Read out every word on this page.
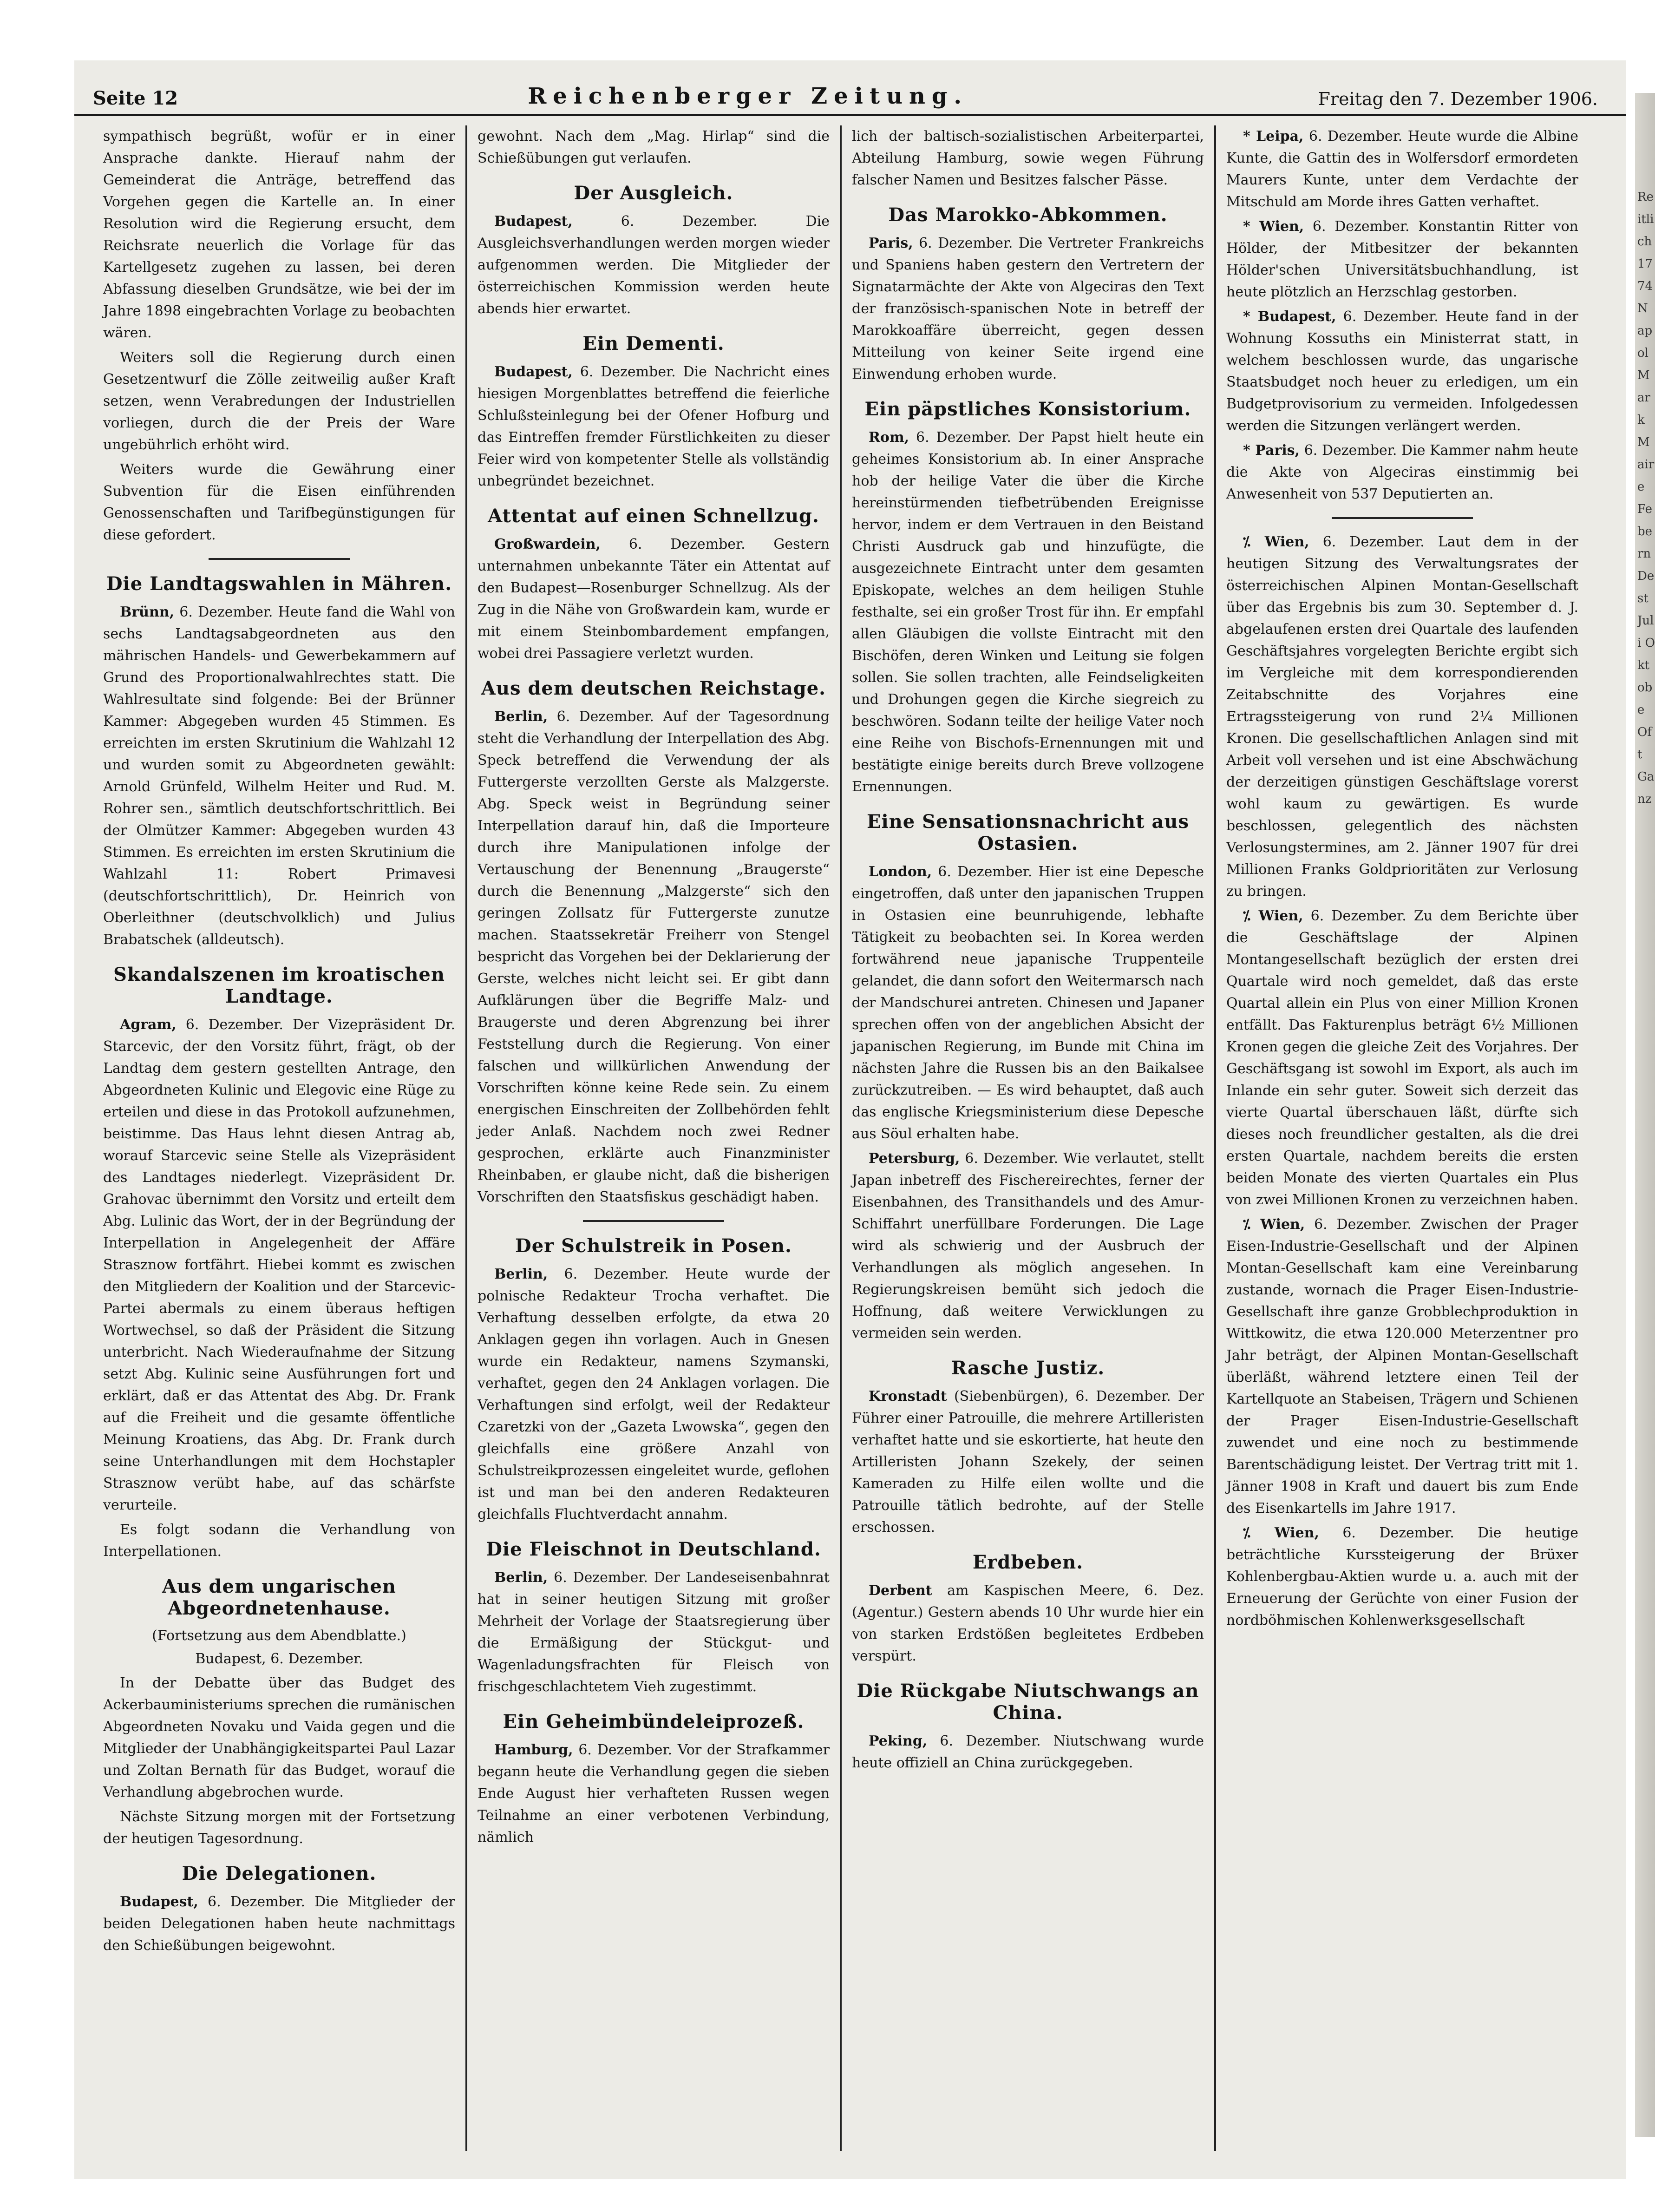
Seite 12	Reichenberger Zeitung.	Freitag den 7. Dezember 1906.

sympathisch begrüßt, wofür er in einer Ansprache dankte. Hierauf nahm der Gemeinderat die Anträge, betreffend das Vorgehen gegen die Kartelle an. In einer Resolution wird die Regierung ersucht, dem Reichsrate neuerlich die Vorlage für das Kartellgesetz zugehen zu lassen, bei deren Abfassung dieselben Grundsätze, wie bei der im Jahre 1898 eingebrachten Vorlage zu beobachten wären.

Weiters soll die Regierung durch einen Gesetzentwurf die Zölle zeitweilig außer Kraft setzen, wenn Verabredungen der Industriellen vorliegen, durch die der Preis der Ware ungebührlich erhöht wird.

Weiters wurde die Gewährung einer Subvention für die Eisen einführenden Genossenschaften und Tarifbegünstigungen für diese gefordert.

Die Landtagswahlen in Mähren.

Brünn, 6. Dezember. Heute fand die Wahl von sechs Landtagsabgeordneten aus den mährischen Handels- und Gewerbekammern auf Grund des Proportionalwahlrechtes statt. Die Wahlresultate sind folgende: Bei der Brünner Kammer: Abgegeben wurden 45 Stimmen. Es erreichten im ersten Skrutinium die Wahlzahl 12 und wurden somit zu Abgeordneten gewählt: Arnold Grünfeld, Wilhelm Heiter und Rud. M. Rohrer sen., sämtlich deutschfortschrittlich. Bei der Olmützer Kammer: Abgegeben wurden 43 Stimmen. Es erreichten im ersten Skrutinium die Wahlzahl 11: Robert Primavesi (deutschfortschrittlich), Dr. Heinrich von Oberleithner (deutschvolklich) und Julius Brabatschek (alldeutsch).

Skandalszenen im kroatischen Landtage.

Agram, 6. Dezember. Der Vizepräsident Dr. Starcevic, der den Vorsitz führt, frägt, ob der Landtag dem gestern gestellten Antrage, den Abgeordneten Kulinic und Elegovic eine Rüge zu erteilen und diese in das Protokoll aufzunehmen, beistimme. Das Haus lehnt diesen Antrag ab, worauf Starcevic seine Stelle als Vizepräsident des Landtages niederlegt. Vizepräsident Dr. Grahovac übernimmt den Vorsitz und erteilt dem Abg. Lulinic das Wort, der in der Begründung der Interpellation in Angelegenheit der Affäre Strasznow fortfährt. Hiebei kommt es zwischen den Mitgliedern der Koalition und der Starcevic-Partei abermals zu einem überaus heftigen Wortwechsel, so daß der Präsident die Sitzung unterbricht. Nach Wiederaufnahme der Sitzung setzt Abg. Kulinic seine Ausführungen fort und erklärt, daß er das Attentat des Abg. Dr. Frank auf die Freiheit und die gesamte öffentliche Meinung Kroatiens, das Abg. Dr. Frank durch seine Unterhandlungen mit dem Hochstapler Strasznow verübt habe, auf das schärfste verurteile.

Es folgt sodann die Verhandlung von Interpellationen.

Aus dem ungarischen Abgeordnetenhause.
(Fortsetzung aus dem Abendblatte.)
Budapest, 6. Dezember.

In der Debatte über das Budget des Ackerbauministeriums sprechen die rumänischen Abgeordneten Novaku und Vaida gegen und die Mitglieder der Unabhängigkeitspartei Paul Lazar und Zoltan Bernath für das Budget, worauf die Verhandlung abgebrochen wurde.

Nächste Sitzung morgen mit der Fortsetzung der heutigen Tagesordnung.

Die Delegationen.

Budapest, 6. Dezember. Die Mitglieder der beiden Delegationen haben heute nachmittags den Schießübungen beigewohnt.

gewohnt. Nach dem „Mag. Hirlap“ sind die Schießübungen gut verlaufen.

Der Ausgleich.

Budapest, 6. Dezember. Die Ausgleichsverhandlungen werden morgen wieder aufgenommen werden. Die Mitglieder der österreichischen Kommission werden heute abends hier erwartet.

Ein Dementi.

Budapest, 6. Dezember. Die Nachricht eines hiesigen Morgenblattes betreffend die feierliche Schlußsteinlegung bei der Ofener Hofburg und das Eintreffen fremder Fürstlichkeiten zu dieser Feier wird von kompetenter Stelle als vollständig unbegründet bezeichnet.

Attentat auf einen Schnellzug.

Großwardein, 6. Dezember. Gestern unternahmen unbekannte Täter ein Attentat auf den Budapest—Rosenburger Schnellzug. Als der Zug in die Nähe von Großwardein kam, wurde er mit einem Steinbombardement empfangen, wobei drei Passagiere verletzt wurden.

Aus dem deutschen Reichstage.

Berlin, 6. Dezember. Auf der Tagesordnung steht die Verhandlung der Interpellation des Abg. Speck betreffend die Verwendung der als Futtergerste verzollten Gerste als Malzgerste. Abg. Speck weist in Begründung seiner Interpellation darauf hin, daß die Importeure durch ihre Manipulationen infolge der Vertauschung der Benennung „Braugerste“ durch die Benennung „Malzgerste“ sich den geringen Zollsatz für Futtergerste zunutze machen. Staatssekretär Freiherr von Stengel bespricht das Vorgehen bei der Deklarierung der Gerste, welches nicht leicht sei. Er gibt dann Aufklärungen über die Begriffe Malz- und Braugerste und deren Abgrenzung bei ihrer Feststellung durch die Regierung. Von einer falschen und willkürlichen Anwendung der Vorschriften könne keine Rede sein. Zu einem energischen Einschreiten der Zollbehörden fehlt jeder Anlaß. Nachdem noch zwei Redner gesprochen, erklärte auch Finanzminister Rheinbaben, er glaube nicht, daß die bisherigen Vorschriften den Staatsfiskus geschädigt haben.

Der Schulstreik in Posen.

Berlin, 6. Dezember. Heute wurde der polnische Redakteur Trocha verhaftet. Die Verhaftung desselben erfolgte, da etwa 20 Anklagen gegen ihn vorlagen. Auch in Gnesen wurde ein Redakteur, namens Szymanski, verhaftet, gegen den 24 Anklagen vorlagen. Die Verhaftungen sind erfolgt, weil der Redakteur Czaretzki von der „Gazeta Lwowska“, gegen den gleichfalls eine größere Anzahl von Schulstreikprozessen eingeleitet wurde, geflohen ist und man bei den anderen Redakteuren gleichfalls Fluchtverdacht annahm.

Die Fleischnot in Deutschland.

Berlin, 6. Dezember. Der Landeseisenbahnrat hat in seiner heutigen Sitzung mit großer Mehrheit der Vorlage der Staatsregierung über die Ermäßigung der Stückgut- und Wagenladungsfrachten für Fleisch von frischgeschlachtetem Vieh zugestimmt.

Ein Geheimbündeleiprozeß.

Hamburg, 6. Dezember. Vor der Strafkammer begann heute die Verhandlung gegen die sieben Ende August hier verhafteten Russen wegen Teilnahme an einer verbotenen Verbindung, nämlich

lich der baltisch-sozialistischen Arbeiterpartei, Abteilung Hamburg, sowie wegen Führung falscher Namen und Besitzes falscher Pässe.

Das Marokko-Abkommen.

Paris, 6. Dezember. Die Vertreter Frankreichs und Spaniens haben gestern den Vertretern der Signatarmächte der Akte von Algeciras den Text der französisch-spanischen Note in betreff der Marokkoaffäre überreicht, gegen dessen Mitteilung von keiner Seite irgend eine Einwendung erhoben wurde.

Ein päpstliches Konsistorium.

Rom, 6. Dezember. Der Papst hielt heute ein geheimes Konsistorium ab. In einer Ansprache hob der heilige Vater die über die Kirche hereinstürmenden tiefbetrübenden Ereignisse hervor, indem er dem Vertrauen in den Beistand Christi Ausdruck gab und hinzufügte, die ausgezeichnete Eintracht unter dem gesamten Episkopate, welches an dem heiligen Stuhle festhalte, sei ein großer Trost für ihn. Er empfahl allen Gläubigen die vollste Eintracht mit den Bischöfen, deren Winken und Leitung sie folgen sollen. Sie sollen trachten, alle Feindseligkeiten und Drohungen gegen die Kirche siegreich zu beschwören. Sodann teilte der heilige Vater noch eine Reihe von Bischofs-Ernennungen mit und bestätigte einige bereits durch Breve vollzogene Ernennungen.

Eine Sensationsnachricht aus Ostasien.

London, 6. Dezember. Hier ist eine Depesche eingetroffen, daß unter den japanischen Truppen in Ostasien eine beunruhigende, lebhafte Tätigkeit zu beobachten sei. In Korea werden fortwährend neue japanische Truppenteile gelandet, die dann sofort den Weitermarsch nach der Mandschurei antreten. Chinesen und Japaner sprechen offen von der angeblichen Absicht der japanischen Regierung, im Bunde mit China im nächsten Jahre die Russen bis an den Baikalsee zurückzutreiben. — Es wird behauptet, daß auch das englische Kriegsministerium diese Depesche aus Söul erhalten habe.

Petersburg, 6. Dezember. Wie verlautet, stellt Japan inbetreff des Fischereirechtes, ferner der Eisenbahnen, des Transithandels und des Amur-Schiffahrt unerfüllbare Forderungen. Die Lage wird als schwierig und der Ausbruch der Verhandlungen als möglich angesehen. In Regierungskreisen bemüht sich jedoch die Hoffnung, daß weitere Verwicklungen zu vermeiden sein werden.

Rasche Justiz.

Kronstadt (Siebenbürgen), 6. Dezember. Der Führer einer Patrouille, die mehrere Artilleristen verhaftet hatte und sie eskortierte, hat heute den Artilleristen Johann Szekely, der seinen Kameraden zu Hilfe eilen wollte und die Patrouille tätlich bedrohte, auf der Stelle erschossen.

Erdbeben.

Derbent am Kaspischen Meere, 6. Dez. (Agentur.) Gestern abends 10 Uhr wurde hier ein von starken Erdstößen begleitetes Erdbeben verspürt.

Die Rückgabe Niutschwangs an China.

Peking, 6. Dezember. Niutschwang wurde heute offiziell an China zurückgegeben.

* Leipa, 6. Dezember. Heute wurde die Albine Kunte, die Gattin des in Wolfersdorf ermordeten Maurers Kunte, unter dem Verdachte der Mitschuld am Morde ihres Gatten verhaftet.

* Wien, 6. Dezember. Konstantin Ritter von Hölder, der Mitbesitzer der bekannten Hölder'schen Universitätsbuchhandlung, ist heute plötzlich an Herzschlag gestorben.

* Budapest, 6. Dezember. Heute fand in der Wohnung Kossuths ein Ministerrat statt, in welchem beschlossen wurde, das ungarische Staatsbudget noch heuer zu erledigen, um ein Budgetprovisorium zu vermeiden. Infolgedessen werden die Sitzungen verlängert werden.

* Paris, 6. Dezember. Die Kammer nahm heute die Akte von Algeciras einstimmig bei Anwesenheit von 537 Deputierten an.

⁒ Wien, 6. Dezember. Laut dem in der heutigen Sitzung des Verwaltungsrates der österreichischen Alpinen Montan-Gesellschaft über das Ergebnis bis zum 30. September d. J. abgelaufenen ersten drei Quartale des laufenden Geschäftsjahres vorgelegten Berichte ergibt sich im Vergleiche mit dem korrespondierenden Zeitabschnitte des Vorjahres eine Ertragssteigerung von rund 2¼ Millionen Kronen. Die gesellschaftlichen Anlagen sind mit Arbeit voll versehen und ist eine Abschwächung der derzeitigen günstigen Geschäftslage vorerst wohl kaum zu gewärtigen. Es wurde beschlossen, gelegentlich des nächsten Verlosungstermines, am 2. Jänner 1907 für drei Millionen Franks Goldprioritäten zur Verlosung zu bringen.

⁒ Wien, 6. Dezember. Zu dem Berichte über die Geschäftslage der Alpinen Montangesellschaft bezüglich der ersten drei Quartale wird noch gemeldet, daß das erste Quartal allein ein Plus von einer Million Kronen entfällt. Das Fakturenplus beträgt 6½ Millionen Kronen gegen die gleiche Zeit des Vorjahres. Der Geschäftsgang ist sowohl im Export, als auch im Inlande ein sehr guter. Soweit sich derzeit das vierte Quartal überschauen läßt, dürfte sich dieses noch freundlicher gestalten, als die drei ersten Quartale, nachdem bereits die ersten beiden Monate des vierten Quartales ein Plus von zwei Millionen Kronen zu verzeichnen haben.

⁒ Wien, 6. Dezember. Zwischen der Prager Eisen-Industrie-Gesellschaft und der Alpinen Montan-Gesellschaft kam eine Vereinbarung zustande, wornach die Prager Eisen-Industrie-Gesellschaft ihre ganze Grobblechproduktion in Wittkowitz, die etwa 120.000 Meterzentner pro Jahr beträgt, der Alpinen Montan-Gesellschaft überläßt, während letztere einen Teil der Kartellquote an Stabeisen, Trägern und Schienen der Prager Eisen-Industrie-Gesellschaft zuwendet und eine noch zu bestimmende Barentschädigung leistet. Der Vertrag tritt mit 1. Jänner 1908 in Kraft und dauert bis zum Ende des Eisenkartells im Jahre 1917.

⁒ Wien, 6. Dezember. Die heutige beträchtliche Kurssteigerung der Brüxer Kohlenbergbau-Aktien wurde u. a. auch mit der Erneuerung der Gerüchte von einer Fusion der nordböhmischen Kohlenwerksgesellschaft

Reitlich 1774 Napol Mark Maire Febern Dest Juli Oktobe Oft Ganz
